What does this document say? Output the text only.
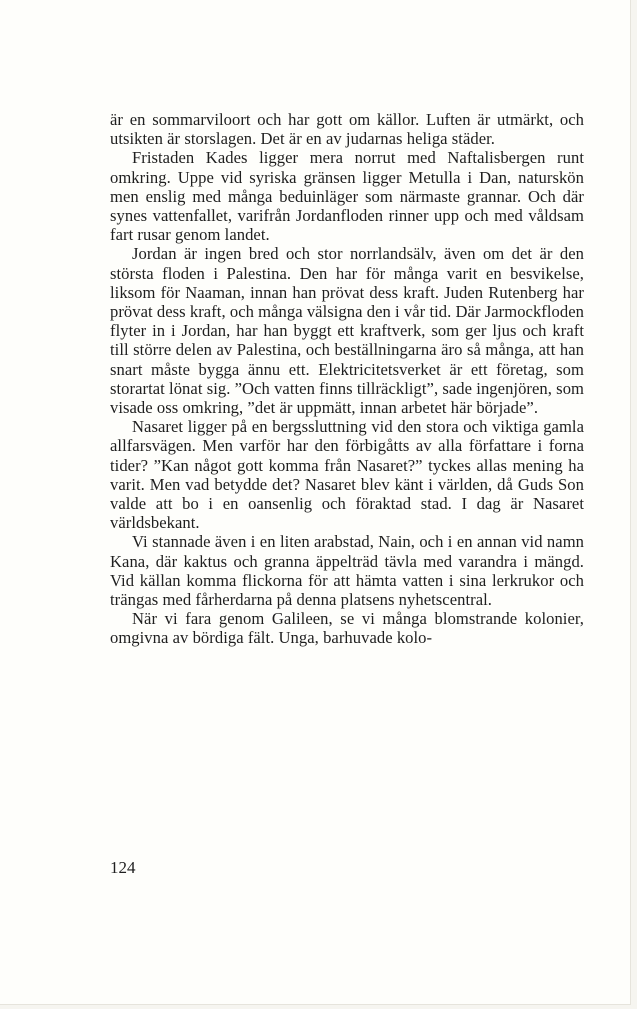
är en sommarviloort och har gott om källor. Luften är utmärkt, och utsikten är storslagen. Det är en av judarnas heliga städer.

Fristaden Kades ligger mera norrut med Naftalisbergen runt omkring. Uppe vid syriska gränsen ligger Metulla i Dan, naturskön men enslig med många beduinläger som närmaste grannar. Och där synes vattenfallet, varifrån Jordanfloden rinner upp och med våldsam fart rusar genom landet.

Jordan är ingen bred och stor norrlandsälv, även om det är den största floden i Palestina. Den har för många varit en besvikelse, liksom för Naaman, innan han prövat dess kraft. Juden Rutenberg har prövat dess kraft, och många välsigna den i vår tid. Där Jarmockfloden flyter in i Jordan, har han byggt ett kraftverk, som ger ljus och kraft till större delen av Palestina, och beställningarna äro så många, att han snart måste bygga ännu ett. Elektricitetsverket är ett företag, som storartat lönat sig. ”Och vatten finns tillräckligt”, sade ingenjören, som visade oss omkring, ”det är uppmätt, innan arbetet här började”.

Nasaret ligger på en bergssluttning vid den stora och viktiga gamla allfarsvägen. Men varför har den förbigåtts av alla författare i forna tider? ”Kan något gott komma från Nasaret?” tyckes allas mening ha varit. Men vad betydde det? Nasaret blev känt i världen, då Guds Son valde att bo i en oansenlig och föraktad stad. I dag är Nasaret världsbekant.

Vi stannade även i en liten arabstad, Nain, och i en annan vid namn Kana, där kaktus och granna äppelträd tävla med varandra i mängd. Vid källan komma flickorna för att hämta vatten i sina lerkrukor och trängas med fårherdarna på denna platsens nyhetscentral.

När vi fara genom Galileen, se vi många blomstrande kolonier, omgivna av bördiga fält. Unga, barhuvade kolo-

124
